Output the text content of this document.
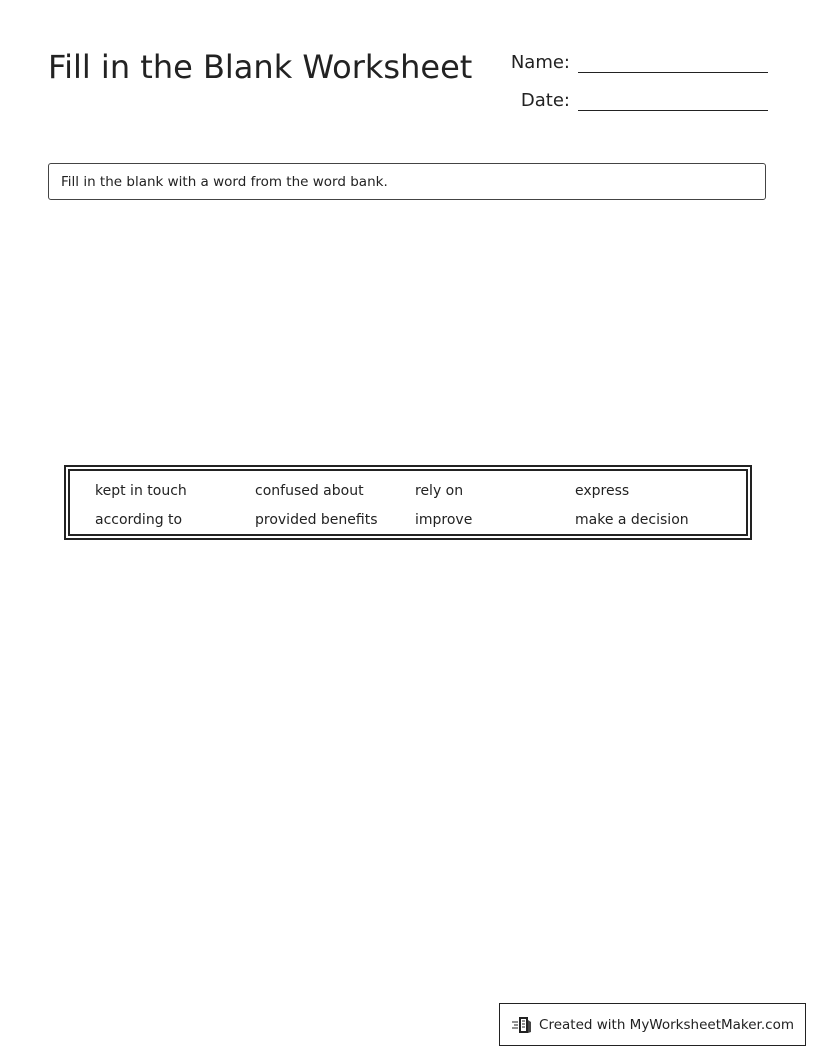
Fill in the Blank Worksheet	Name:
Date:
Fill in the blank with a word from the word bank.
kept in touch	confused about	rely on	express
according to	provided benefits	improve	make a decision
Created with MyWorksheetMaker.com
